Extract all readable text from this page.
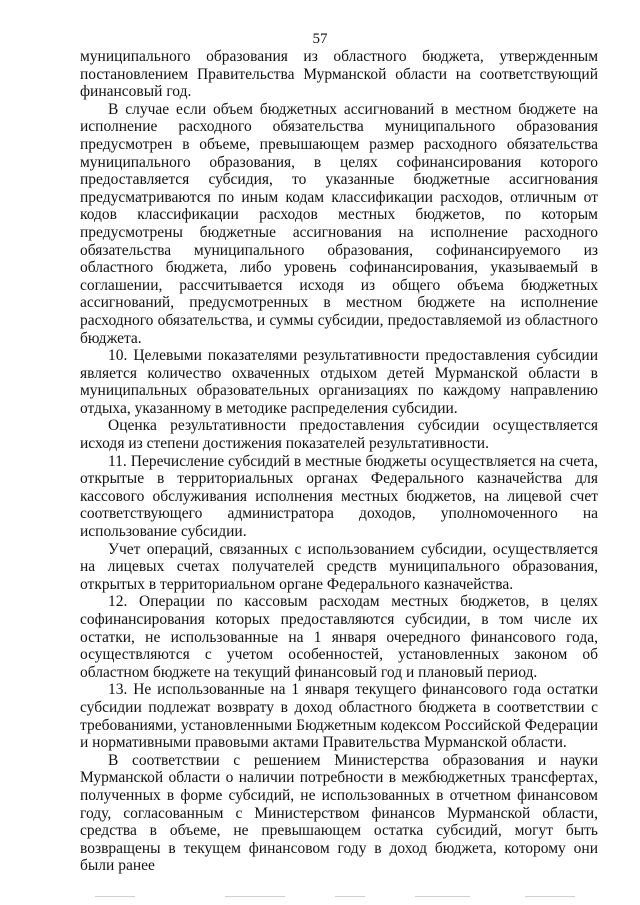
57

муниципального образования из областного бюджета, утвержденным постановлением Правительства Мурманской области на соответствующий финансовый год.

В случае если объем бюджетных ассигнований в местном бюджете на исполнение расходного обязательства муниципального образования предусмотрен в объеме, превышающем размер расходного обязательства муниципального образования, в целях софинансирования которого предоставляется субсидия, то указанные бюджетные ассигнования предусматриваются по иным кодам классификации расходов, отличным от кодов классификации расходов местных бюджетов, по которым предусмотрены бюджетные ассигнования на исполнение расходного обязательства муниципального образования, софинансируемого из областного бюджета, либо уровень софинансирования, указываемый в соглашении, рассчитывается исходя из общего объема бюджетных ассигнований, предусмотренных в местном бюджете на исполнение расходного обязательства, и суммы субсидии, предоставляемой из областного бюджета.

10. Целевыми показателями результативности предоставления субсидии является количество охваченных отдыхом детей Мурманской области в муниципальных образовательных организациях по каждому направлению отдыха, указанному в методике распределения субсидии.

Оценка результативности предоставления субсидии осуществляется исходя из степени достижения показателей результативности.

11. Перечисление субсидий в местные бюджеты осуществляется на счета, открытые в территориальных органах Федерального казначейства для кассового обслуживания исполнения местных бюджетов, на лицевой счет соответствующего администратора доходов, уполномоченного на использование субсидии.

Учет операций, связанных с использованием субсидии, осуществляется на лицевых счетах получателей средств муниципального образования, открытых в территориальном органе Федерального казначейства.

12. Операции по кассовым расходам местных бюджетов, в целях софинансирования которых предоставляются субсидии, в том числе их остатки, не использованные на 1 января очередного финансового года, осуществляются с учетом особенностей, установленных законом об областном бюджете на текущий финансовый год и плановый период.

13. Не использованные на 1 января текущего финансового года остатки субсидии подлежат возврату в доход областного бюджета в соответствии с требованиями, установленными Бюджетным кодексом Российской Федерации и нормативными правовыми актами Правительства Мурманской области.

В соответствии с решением Министерства образования и науки Мурманской области о наличии потребности в межбюджетных трансфертах, полученных в форме субсидий, не использованных в отчетном финансовом году, согласованным с Министерством финансов Мурманской области, средства в объеме, не превышающем остатка субсидий, могут быть возвращены в текущем финансовом году в доход бюджета, которому они были ранее
